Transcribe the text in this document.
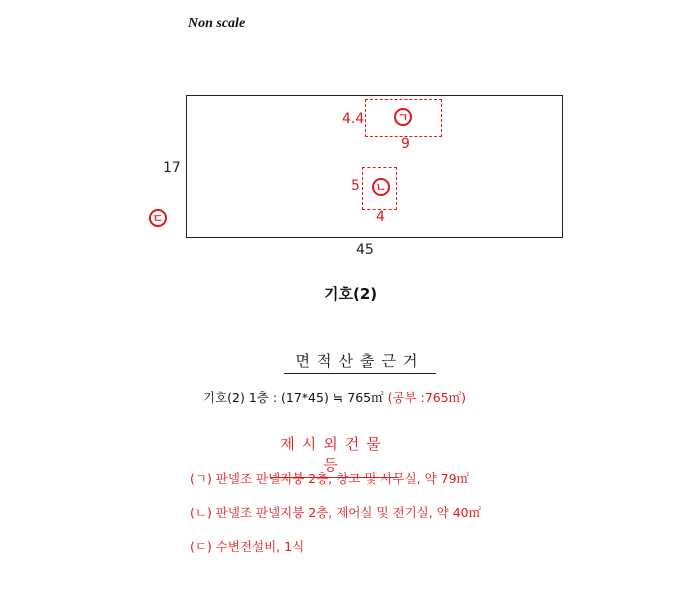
Non scale
17
45
ㄱ
4.4
9
ㄴ
5
4
ㄷ
기호(2)
면적산출근거
기호(2) 1층 : (17*45) ≒ 765㎡ (공부 :765㎡)
제시외건물등
(ㄱ) 판넬조 판넬지붕 2층, 창고 및 사무실, 약 79㎡
(ㄴ) 판넬조 판넬지붕 2층, 제어실 및 전기실, 약 40㎡
(ㄷ) 수변전설비, 1식
